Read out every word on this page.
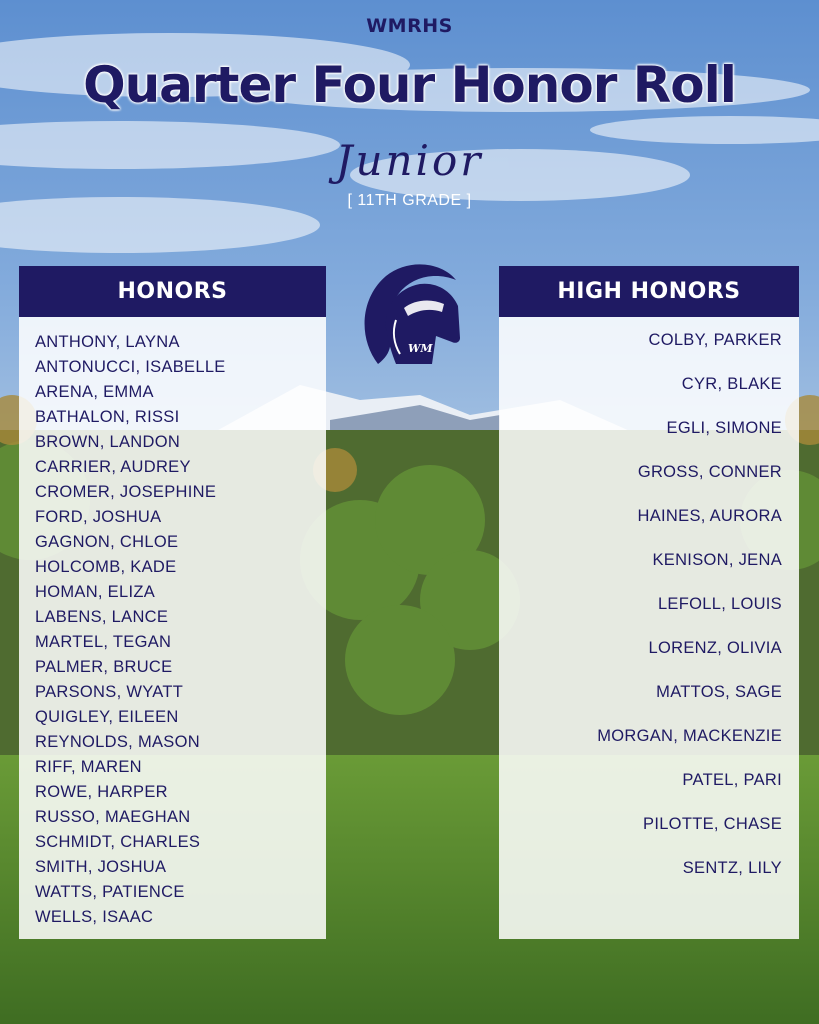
WMRHS
Quarter Four Honor Roll
Junior
[ 11TH GRADE ]
HONORS
ANTHONY, LAYNA
ANTONUCCI, ISABELLE
ARENA, EMMA
BATHALON, RISSI
BROWN, LANDON
CARRIER, AUDREY
CROMER, JOSEPHINE
FORD, JOSHUA
GAGNON, CHLOE
HOLCOMB, KADE
HOMAN, ELIZA
LABENS, LANCE
MARTEL, TEGAN
PALMER, BRUCE
PARSONS, WYATT
QUIGLEY, EILEEN
REYNOLDS, MASON
RIFF, MAREN
ROWE, HARPER
RUSSO, MAEGHAN
SCHMIDT, CHARLES
SMITH, JOSHUA
WATTS, PATIENCE
WELLS, ISAAC
HIGH HONORS
COLBY, PARKER
CYR, BLAKE
EGLI, SIMONE
GROSS, CONNER
HAINES, AURORA
KENISON, JENA
LEFOLL, LOUIS
LORENZ, OLIVIA
MATTOS, SAGE
MORGAN, MACKENZIE
PATEL, PARI
PILOTTE, CHASE
SENTZ, LILY
WM
